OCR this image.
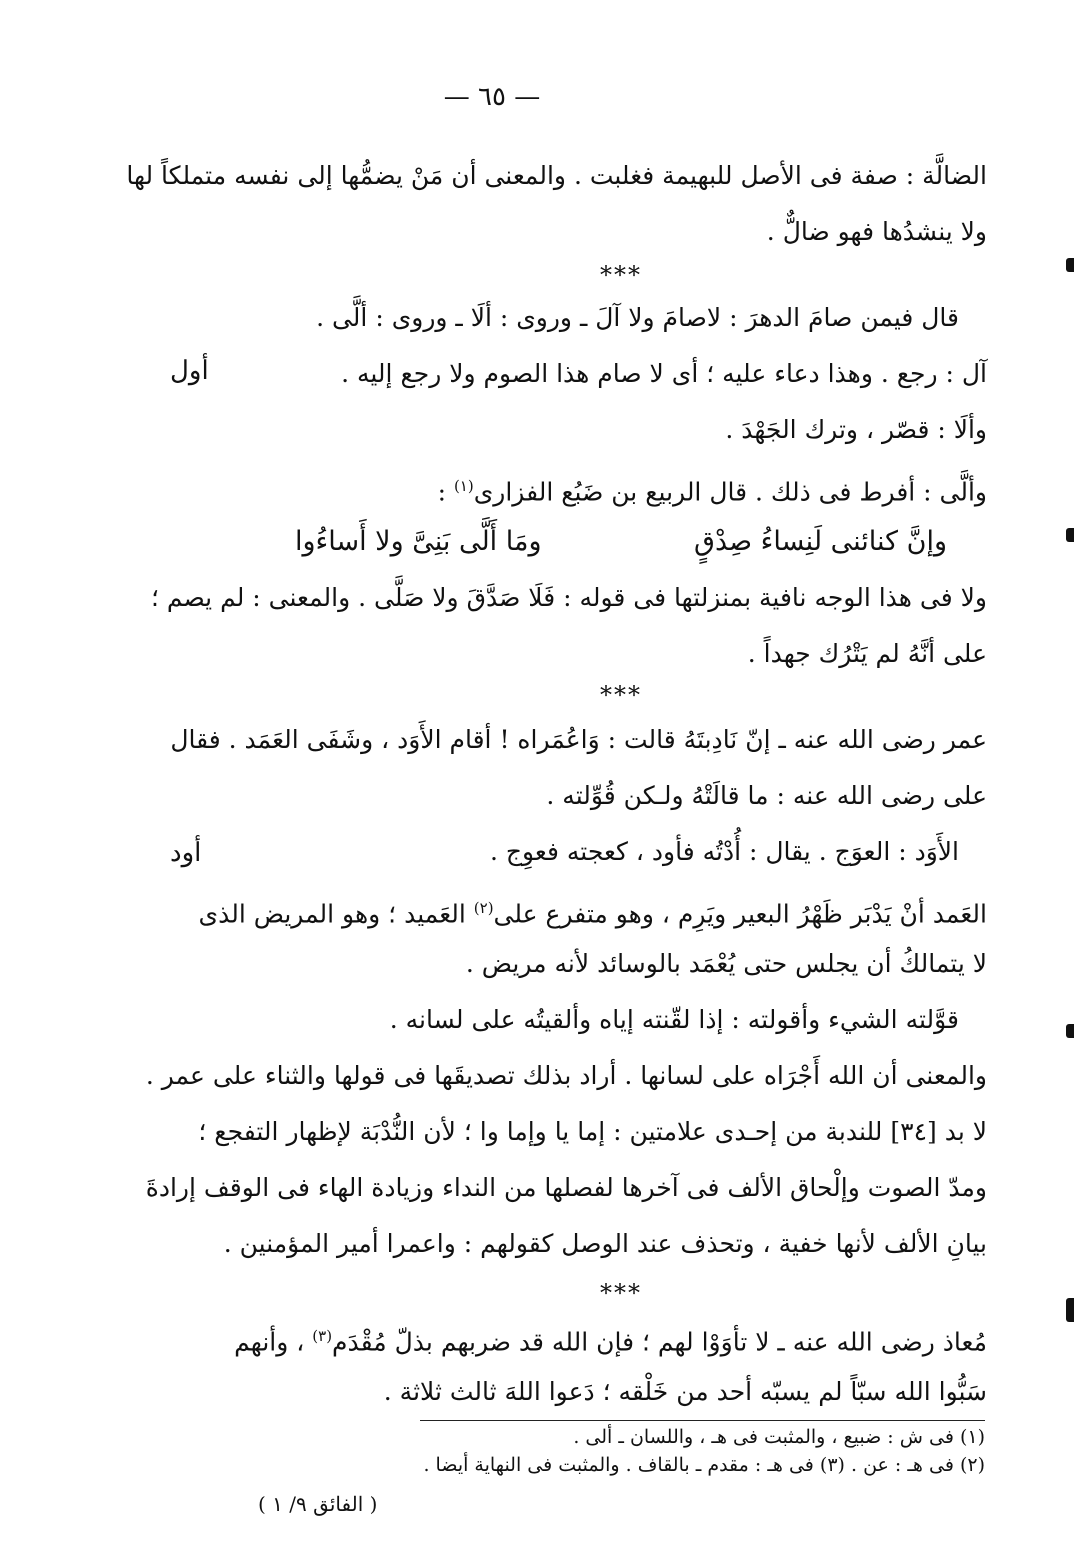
— ٦٥ —
الضالَّة : صفة فى الأصل للبهيمة فغلبت . والمعنى أن مَنْ يضمُّها إلى نفسه متملكاً لها
ولا ينشدُها فهو ضالٌّ .
***
أول
قال فيمن صامَ الدهرَ : لاصامَ ولا آلَ ـ وروى : ألَا ـ وروى : ألَّى .
آل : رجع . وهذا دعاء عليه ؛ أى لا صام هذا الصوم ولا رجع إليه .
وألَا : قصّر ، وترك الجَهْدَ .
وألَّى : أفرط فى ذلك . قال الربيع بن ضَبُع الفزارى$^{(١)}$ :
وإنَّ كنائنى لَنِساءُ صِدْقٍ
ومَا أَلَّى بَنِىَّ ولا أَساءُوا
ولا فى هذا الوجه نافية بمنزلتها فى قوله : فَلَا صَدَّقَ ولا صَلَّى . والمعنى : لم يصم ؛
على أنَّهُ لم يَتْرُك جهداً .
***
أود
عمر رضى الله عنه ـ إنّ نَادِبتَهُ قالت : وَاعُمَراه ! أقام الأَوَد ، وشَفَى العَمَد . فقال
على رضى الله عنه : ما قالَتْهُ ولـكن قُوِّلته .
الأَوَد : العوَج . يقال : أُدْتُه فأود ، كعجته فعوِج .
العَمد أنْ يَدْبَر ظَهْرُ البعير ويَرِم ، وهو متفرع على$^{(٢)}$ العَميد ؛ وهو المريض الذى
لا يتمالكُ أن يجلس حتى يُعْمَد بالوسائد لأنه مريض .
قوَّلته الشيء وأقولته : إذا لقّنته إياه وألقيتُه على لسانه .
والمعنى أن الله أَجْرَاه على لسانها . أراد بذلك تصديقَها فى قولها والثناء على عمر .
لا بد [٣٤] للندبة من إحـدى علامتين : إما يا وإما وا ؛ لأن النُّدْبَة لإظهار التفجع ؛
ومدّ الصوت وإلْحاق الألف فى آخرها لفصلها من النداء وزيادة الهاء فى الوقف إرادةَ
بيانِ الألف لأنها خفية ، وتحذف عند الوصل كقولهم : واعمرا أمير المؤمنين .
***
مُعاذ رضى الله عنه ـ لا تأوَوْا لهم ؛ فإن الله قد ضربهم بذلّ مُقْدَم$^{(٣)}$ ، وأنهم
سَبُّوا الله سبّاً لم يسبّه أحد من خَلْقه ؛ دَعوا اللهَ ثالث ثلاثة .
(١) فى ش : ضبيع ، والمثبت فى هـ ، واللسان ـ ألى .
(٢) فى هـ : عن . (٣) فى هـ : مقدم ـ بالقاف . والمثبت فى النهاية أيضا .
( الفائق ٩/ ١ )
